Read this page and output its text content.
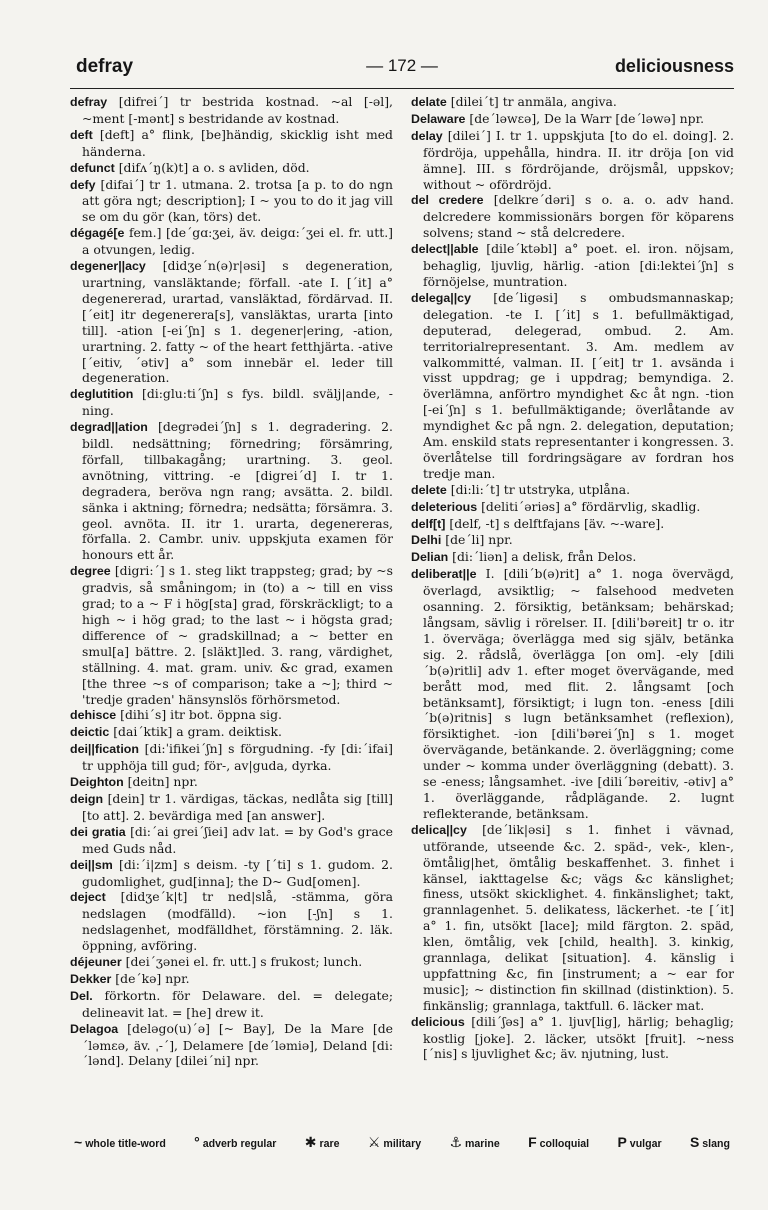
defray	— 172 —	deliciousness

defray [difrei´] tr bestrida kostnad. ~al [-əl], ~ment [-mənt] s bestridande av kostnad.

deft [deft] a° flink, [be]händig, skicklig isht med händerna.

defunct [difʌ´ŋ(k)t] a o. s avliden, död.

defy [difai´] tr 1. utmana. 2. trotsa [a p. to do ngn att göra ngt; description]; I ~ you to do it jag vill se om du gör (kan, törs) det.

dégagé[e fem.] [de´gɑ:ʒei, äv. deigɑ:´ʒei el. fr. utt.] a otvungen, ledig.

degener||acy [didʒe´n(ə)r|əsi] s degeneration, urartning, vansläktande; förfall. -ate I. [´it] a° degenererad, urartad, vansläktad, fördärvad. II. [´eit] itr degenerera[s], vansläktas, urarta [into till]. -ation [-ei´ʃn] s 1. degener|ering, -ation, urartning. 2. fatty ~ of the heart fetthjärta. -ative [´eitiv, ´ətiv] a° som innebär el. leder till degeneration.

deglutition [di:glu:ti´ʃn] s fys. bildl. svälj|ande, -ning.

degrad||ation [degrədei´ʃn] s 1. degradering. 2. bildl. nedsättning; förnedring; försämring, förfall, tillbakagång; urartning. 3. geol. avnötning, vittring. -e [digrei´d] I. tr 1. degradera, beröva ngn rang; avsätta. 2. bildl. sänka i aktning; förnedra; nedsätta; försämra. 3. geol. avnöta. II. itr 1. urarta, degenereras, förfalla. 2. Cambr. univ. uppskjuta examen för honours ett år.

degree [digri:´] s 1. steg likt trappsteg; grad; by ~s gradvis, så småningom; in (to) a ~ till en viss grad; to a ~ F i hög[sta] grad, förskräckligt; to a high ~ i hög grad; to the last ~ i högsta grad; difference of ~ gradskillnad; a ~ better en smul[a] bättre. 2. [släkt]led. 3. rang, värdighet, ställning. 4. mat. gram. univ. &c grad, examen [the three ~s of comparison; take a ~]; third ~ 'tredje graden' hänsynslös förhörsmetod.

dehisce [dihi´s] itr bot. öppna sig.

deictic [dai´ktik] a gram. deiktisk.

dei||fication [di:ˈifikei´ʃn] s förgudning. -fy [di:´ifai] tr upphöja till gud; för-, av|guda, dyrka.

Deighton [deitn] npr.

deign [dein] tr 1. värdigas, täckas, nedlåta sig [till] [to att]. 2. bevärdiga med [an answer].

dei gratia [di:´ai grei´ʃiei] adv lat. = by God's grace med Guds nåd.

dei||sm [di:´i|zm] s deism. -ty [´ti] s 1. gudom. 2. gudomlighet, gud[inna]; the D~ Gud[omen].

deject [didʒe´k|t] tr ned|slå, -stämma, göra nedslagen (modfälld). ~ion [-ʃn] s 1. nedslagenhet, modfälldhet, förstämning. 2. läk. öppning, avföring.

déjeuner [dei´ʒənei el. fr. utt.] s frukost; lunch.

Dekker [de´kə] npr.

Del. förkortn. för Delaware. del. = delegate; delineavit lat. = [he] drew it.

Delagoa [deləgo(u)´ə] [~ Bay], De la Mare [de´ləmεə, äv. ˌ-´], Delamere [de´ləmiə], Deland [di:´lənd]. Delany [dilei´ni] npr.

delate [dilei´t] tr anmäla, angiva.

Delaware [de´ləwεə], De la Warr [de´ləwə] npr.

delay [dilei´] I. tr 1. uppskjuta [to do el. doing]. 2. fördröja, uppehålla, hindra. II. itr dröja [on vid ämne]. III. s fördröjande, dröjsmål, uppskov; without ~ ofördröjd.

del credere [delkre´dəri] s o. a. o. adv hand. delcredere kommissionärs borgen för köparens solvens; stand ~ stå delcredere.

delect||able [dile´ktəbl] a° poet. el. iron. nöjsam, behaglig, ljuvlig, härlig. -ation [di:lektei´ʃn] s förnöjelse, muntration.

delega||cy [de´ligəsi] s ombudsmannaskap; delegation. -te I. [´it] s 1. befullmäktigad, deputerad, delegerad, ombud. 2. Am. territorialrepresentant. 3. Am. medlem av valkommitté, valman. II. [´eit] tr 1. avsända i visst uppdrag; ge i uppdrag; bemyndiga. 2. överlämna, anförtro myndighet &c åt ngn. -tion [-ei´ʃn] s 1. befullmäktigande; överlåtande av myndighet &c på ngn. 2. delegation, deputation; Am. enskild stats representanter i kongressen. 3. överlåtelse till fordringsägare av fordran hos tredje man.

delete [di:li:´t] tr utstryka, utplåna.

deleterious [deliti´əriəs] a° fördärvlig, skadlig.

delf[t] [delf, -t] s delftfajans [äv. ~-ware].

Delhi [de´li] npr.

Delian [di:´liən] a delisk, från Delos.

deliberat||e I. [dili´b(ə)rit] a° 1. noga övervägd, överlagd, avsiktlig; ~ falsehood medveten osanning. 2. försiktig, betänksam; behärskad; långsam, sävlig i rörelser. II. [diliˈbəreit] tr o. itr 1. överväga; överlägga med sig själv, betänka sig. 2. rådslå, överlägga [on om]. -ely [dili´b(ə)ritli] adv 1. efter moget övervägande, med berått mod, med flit. 2. långsamt [och betänksamt], försiktigt; i lugn ton. -eness [dili´b(ə)ritnis] s lugn betänksamhet (reflexion), försiktighet. -ion [diliˈbərei´ʃn] s 1. moget övervägande, betänkande. 2. överläggning; come under ~ komma under överläggning (debatt). 3. se -eness; långsamhet. -ive [dili´bərеitiv, -ətiv] a° 1. överläggande, rådplägande. 2. lugnt reflekterande, betänksam.

delica||cy [de´lik|əsi] s 1. finhet i vävnad, utförande, utseende &c. 2. späd-, vek-, klen-, ömtålig|het, ömtålig beskaffenhet. 3. finhet i känsel, iakttagelse &c; vägs &c känslighet; finess, utsökt skicklighet. 4. finkänslighet; takt, grannlagenhet. 5. delikatess, läckerhet. -te [´it] a° 1. fin, utsökt [lace]; mild färgton. 2. späd, klen, ömtålig, vek [child, health]. 3. kinkig, grannlaga, delikat [situation]. 4. känslig i uppfattning &c, fin [instrument; a ~ ear for music]; ~ distinction fin skillnad (distinktion). 5. finkänslig; grannlaga, taktfull. 6. läcker mat.

delicious [dili´ʃəs] a° 1. ljuv[lig], härlig; behaglig; kostlig [joke]. 2. läcker, utsökt [fruit]. ~ness [´nis] s ljuvlighet &c; äv. njutning, lust.

~ whole title-word ° adverb regular ✱ rare ⚔ military ⚓ marine F colloquial P vulgar S slang
